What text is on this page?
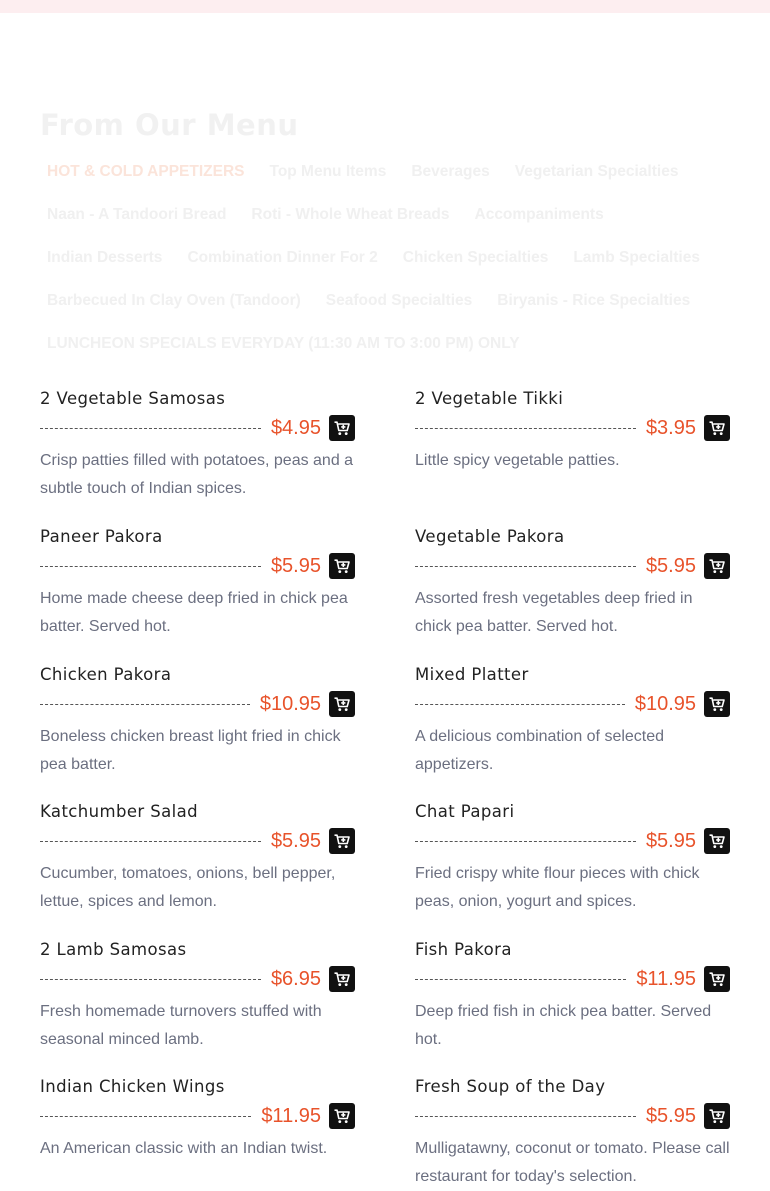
From Our Menu
HOT & COLD APPETIZERS	Top Menu Items	Beverages	Vegetarian Specialties
Naan - A Tandoori Bread	Roti - Whole Wheat Breads	Accompaniments
Indian Desserts	Combination Dinner For 2	Chicken Specialties	Lamb Specialties
Barbecued In Clay Oven (Tandoor)	Seafood Specialties	Biryanis - Rice Specialties
LUNCHEON SPECIALS EVERYDAY (11:30 AM TO 3:00 PM) ONLY
2 Vegetable Samosas
$4.95
Crisp patties filled with potatoes, peas and a subtle touch of Indian spices.
2 Vegetable Tikki
$3.95
Little spicy vegetable patties.
Paneer Pakora
$5.95
Home made cheese deep fried in chick pea batter. Served hot.
Vegetable Pakora
$5.95
Assorted fresh vegetables deep fried in chick pea batter. Served hot.
Chicken Pakora
$10.95
Boneless chicken breast light fried in chick pea batter.
Mixed Platter
$10.95
A delicious combination of selected appetizers.
Katchumber Salad
$5.95
Cucumber, tomatoes, onions, bell pepper, lettue, spices and lemon.
Chat Papari
$5.95
Fried crispy white flour pieces with chick peas, onion, yogurt and spices.
2 Lamb Samosas
$6.95
Fresh homemade turnovers stuffed with seasonal minced lamb.
Fish Pakora
$11.95
Deep fried fish in chick pea batter. Served hot.
Indian Chicken Wings
$11.95
An American classic with an Indian twist.
Fresh Soup of the Day
$5.95
Mulligatawny, coconut or tomato. Please call restaurant for today's selection.
